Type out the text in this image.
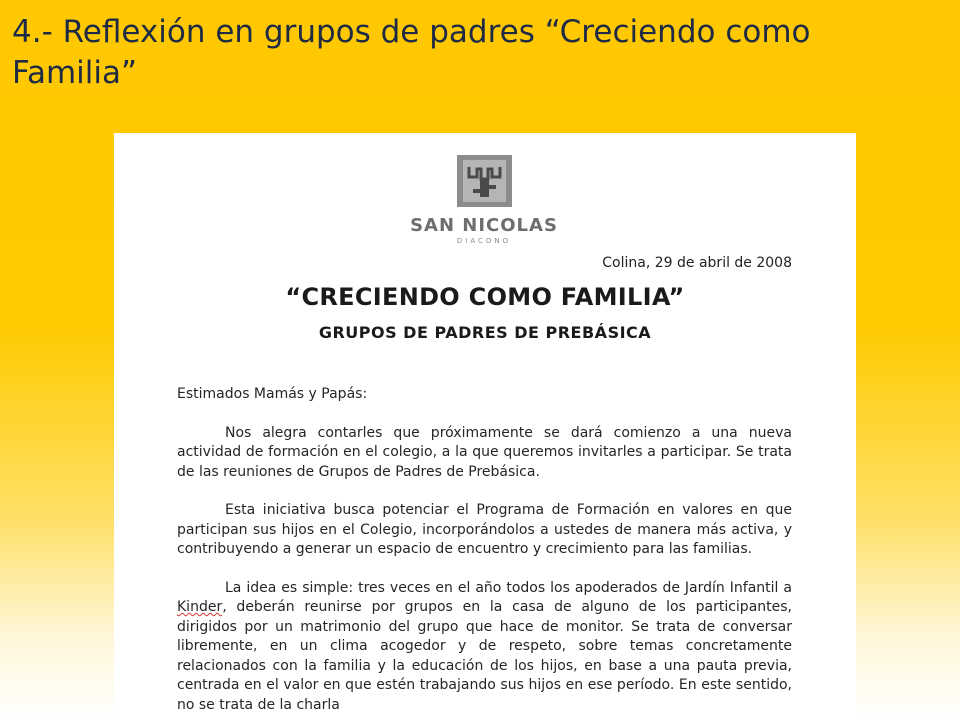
4.- Reflexión en grupos de padres “Creciendo como Familia”
SAN NICOLAS
DIACONO
Colina, 29 de abril de 2008
“CRECIENDO COMO FAMILIA”
GRUPOS DE PADRES DE PREBÁSICA

Estimados Mamás y Papás:

Nos alegra contarles que próximamente se dará comienzo a una nueva actividad de formación en el colegio, a la que queremos invitarles a participar. Se trata de las reuniones de Grupos de Padres de Prebásica.

Esta iniciativa busca potenciar el Programa de Formación en valores en que participan sus hijos en el Colegio, incorporándolos a ustedes de manera más activa, y contribuyendo a generar un espacio de encuentro y crecimiento para las familias.

La idea es simple: tres veces en el año todos los apoderados de Jardín Infantil a Kinder, deberán reunirse por grupos en la casa de alguno de los participantes, dirigidos por un matrimonio del grupo que hace de monitor. Se trata de conversar libremente, en un clima acogedor y de respeto, sobre temas concretamente relacionados con la familia y la educación de los hijos, en base a una pauta previa, centrada en el valor en que estén trabajando sus hijos en ese período. En este sentido, no se trata de la charla
